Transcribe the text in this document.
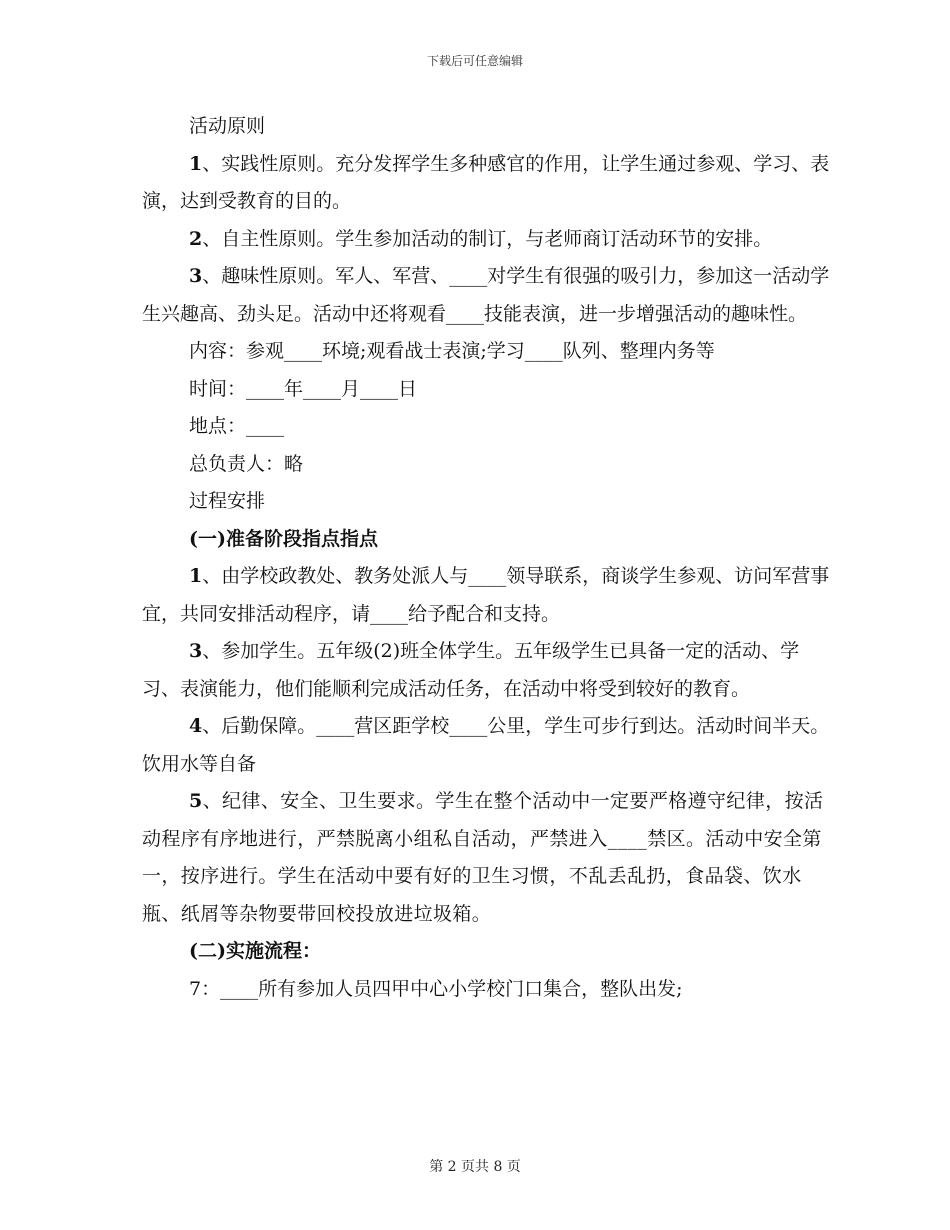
下载后可任意编辑

活动原则

1、实践性原则。充分发挥学生多种感官的作用，让学生通过参观、学习、表演，达到受教育的目的。

2、自主性原则。学生参加活动的制订，与老师商订活动环节的安排。

3、趣味性原则。军人、军营、____对学生有很强的吸引力，参加这一活动学生兴趣高、劲头足。活动中还将观看____技能表演，进一步增强活动的趣味性。

内容：参观____环境;观看战士表演;学习____队列、整理内务等

时间：____年____月____日

地点：____

总负责人：略

过程安排

(一)准备阶段指点指点

1、由学校政教处、教务处派人与____领导联系，商谈学生参观、访问军营事宜，共同安排活动程序，请____给予配合和支持。

3、参加学生。五年级(2)班全体学生。五年级学生已具备一定的活动、学习、表演能力，他们能顺利完成活动任务，在活动中将受到较好的教育。

4、后勤保障。____营区距学校____公里，学生可步行到达。活动时间半天。饮用水等自备

5、纪律、安全、卫生要求。学生在整个活动中一定要严格遵守纪律，按活动程序有序地进行，严禁脱离小组私自活动，严禁进入____禁区。活动中安全第一，按序进行。学生在活动中要有好的卫生习惯，不乱丢乱扔，食品袋、饮水瓶、纸屑等杂物要带回校投放进垃圾箱。

(二)实施流程：

7：____所有参加人员四甲中心小学校门口集合，整队出发;

第 2 页共 8 页
